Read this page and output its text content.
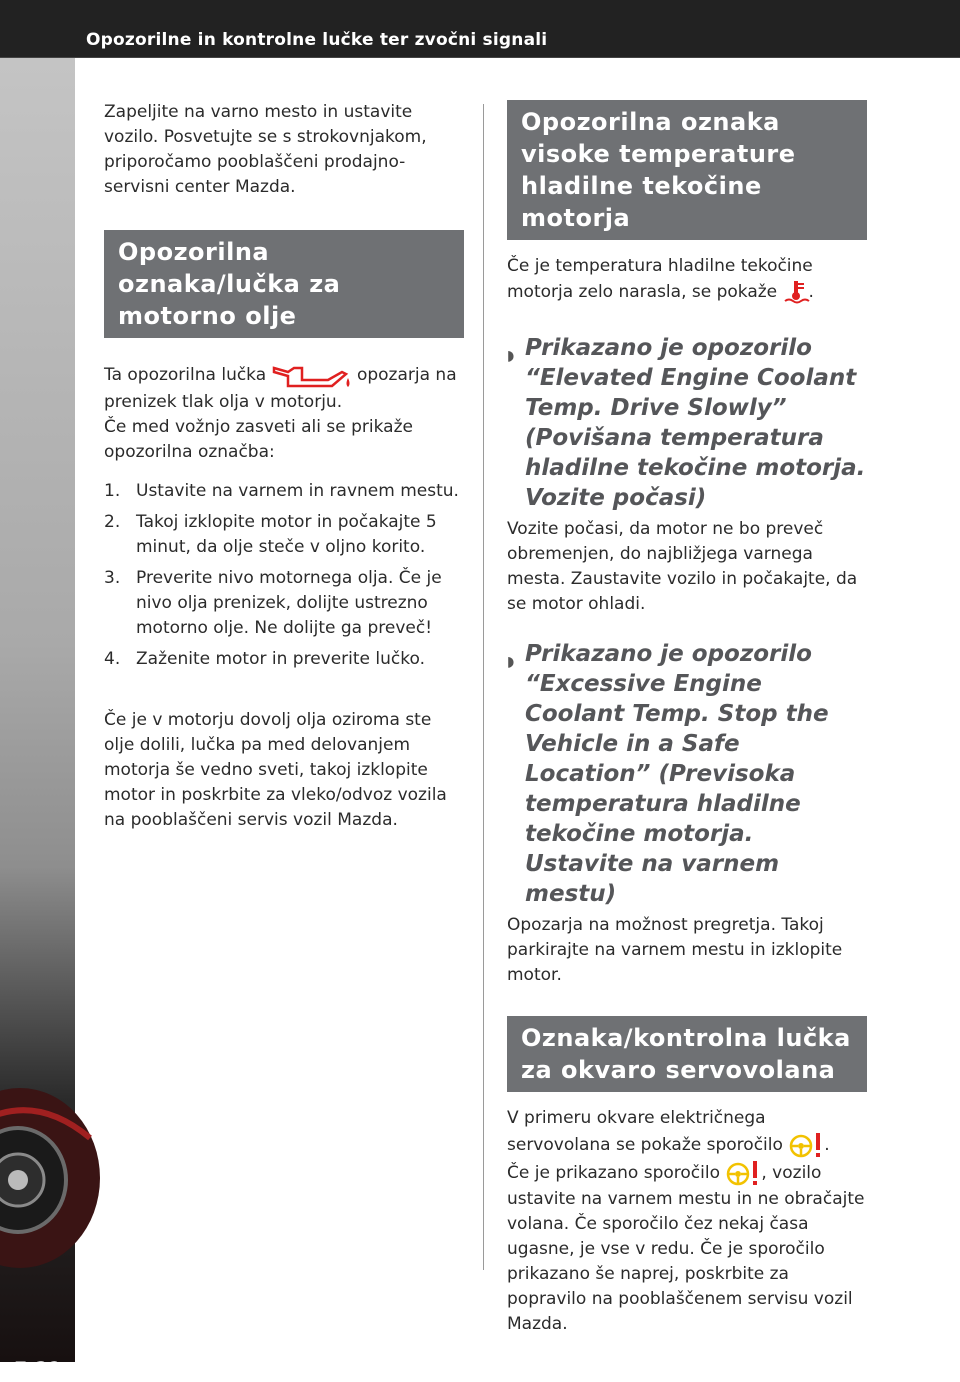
Opozorilne in kontrolne lučke ter zvočni signali
7-32

Zapeljite na varno mesto in ustavite vozilo. Posvetujte se s strokovnjakom, priporočamo pooblaščeni prodajno-servisni center Mazda.

Opozorilna oznaka/lučka za motorno olje

Ta opozorilna lučka	opozarja na prenizek tlak olja v motorju.

Če med vožnjo zasveti ali se prikaže opozorilna označba:

1. Ustavite na varnem in ravnem mestu.
2. Takoj izklopite motor in počakajte 5 minut, da olje steče v oljno korito.
3. Preverite nivo motornega olja. Če je nivo olja prenizek, dolijte ustrezno motorno olje. Ne dolijte ga preveč!
4. Zaženite motor in preverite lučko.

Če je v motorju dovolj olja oziroma ste olje dolili, lučka pa med delovanjem motorja še vedno sveti, takoj izklopite motor in poskrbite za vleko/odvoz vozila na pooblaščeni servis vozil Mazda.

Opozorilna oznaka visoke temperature hladilne tekočine motorja

Če je temperatura hladilne tekočine motorja zelo narasla, se pokaže .

◗ Prikazano je opozorilo “Elevated Engine Coolant Temp. Drive Slowly” (Povišana temperatura hladilne tekočine motorja. Vozite počasi)

Vozite počasi, da motor ne bo preveč obremenjen, do najbližjega varnega mesta. Zaustavite vozilo in počakajte, da se motor ohladi.

◗ Prikazano je opozorilo “Excessive Engine Coolant Temp. Stop the Vehicle in a Safe Location” (Previsoka temperatura hladilne tekočine motorja. Ustavite na varnem mestu)

Opozarja na možnost pregretja. Takoj parkirajte na varnem mestu in izklopite motor.

Oznaka/kontrolna lučka za okvaro servovolana

V primeru okvare električnega servovolana se pokaže sporočilo .

Če je prikazano sporočilo , vozilo ustavite na varnem mestu in ne obračajte volana. Če sporočilo čez nekaj časa ugasne, je vse v redu. Če je sporočilo prikazano še naprej, poskrbite za popravilo na pooblaščenem servisu vozil Mazda.
